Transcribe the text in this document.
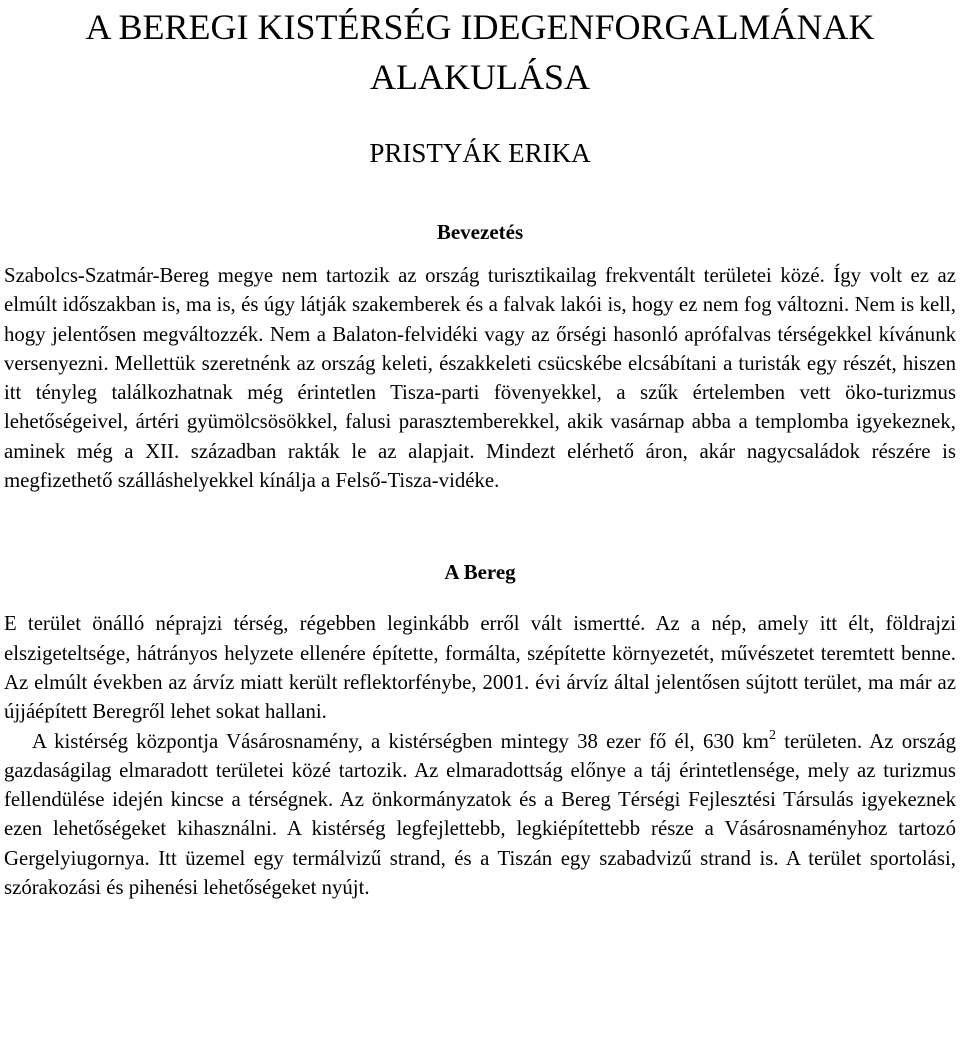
A BEREGI KISTÉRSÉG IDEGENFORGALMÁNAK
ALAKULÁSA
PRISTYÁK ERIKA
Bevezetés

Szabolcs-Szatmár-Bereg megye nem tartozik az ország turisztikailag frekventált területei közé. Így volt ez az elmúlt időszakban is, ma is, és úgy látják szakemberek és a falvak lakói is, hogy ez nem fog változni. Nem is kell, hogy jelentősen megváltozzék. Nem a Balaton-felvidéki vagy az őrségi hasonló aprófalvas térségekkel kívánunk versenyezni. Mellettük szeretnénk az ország keleti, északkeleti csücskébe elcsábítani a turisták egy részét, hiszen itt tényleg találkozhatnak még érintetlen Tisza-parti fövenyekkel, a szűk értelemben vett öko-turizmus lehetőségeivel, ártéri gyümölcsösökkel, falusi parasztemberekkel, akik vasárnap abba a templomba igyekeznek, aminek még a XII. században rakták le az alapjait. Mindezt elérhető áron, akár nagycsaládok részére is megfizethető szálláshelyekkel kínálja a Felső-Tisza-vidéke.

A Bereg

E terület önálló néprajzi térség, régebben leginkább erről vált ismertté. Az a nép, amely itt élt, földrajzi elszigeteltsége, hátrányos helyzete ellenére építette, formálta, szépítette környezetét, művészetet teremtett benne. Az elmúlt években az árvíz miatt került reflektorfénybe, 2001. évi árvíz által jelentősen sújtott terület, ma már az újjáépített Beregről lehet sokat hallani.

A kistérség központja Vásárosnamény, a kistérségben mintegy 38 ezer fő él, 630 $km^2$ területen. Az ország gazdaságilag elmaradott területei közé tartozik. Az elmaradottság előnye a táj érintetlensége, mely az turizmus fellendülése idején kincse a térségnek. Az önkormányzatok és a Bereg Térségi Fejlesztési Társulás igyekeznek ezen lehetőségeket kihasználni. A kistérség legfejlettebb, legkiépítettebb része a Vásárosnaményhoz tartozó Gergelyiugornya. Itt üzemel egy termálvizű strand, és a Tiszán egy szabadvizű strand is. A terület sportolási, szórakozási és pihenési lehetőségeket nyújt.
